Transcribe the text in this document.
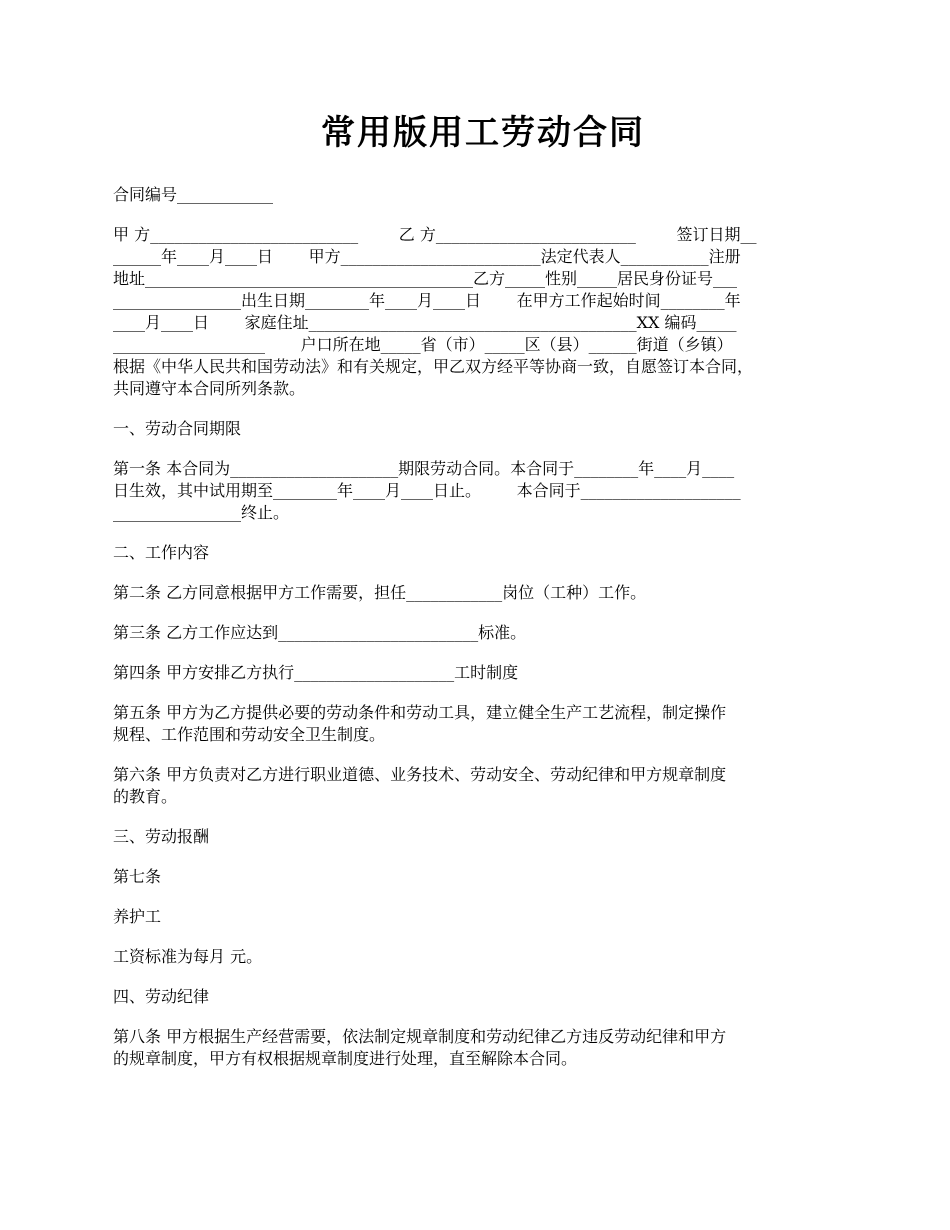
常用版用工劳动合同

合同编号____________

甲 方__________________________        乙 方_________________________        签订日期__
______年____月____日       甲方_________________________法定代表人___________注册
地址_________________________________________乙方_____性别_____居民身份证号___
________________出生日期________年____月____日       在甲方工作起始时间________年
____月____日       家庭住址_________________________________________XX 编码_____
___________________       户口所在地_____省（市）_____区（县）______街道（乡镇）
根据《中华人民共和国劳动法》和有关规定，甲乙双方经平等协商一致，自愿签订本合同，
共同遵守本合同所列条款。

一、劳动合同期限

第一条 本合同为_____________________期限劳动合同。本合同于________年____月____
日生效，其中试用期至________年____月____日止。       本合同于____________________
________________终止。

二、工作内容

第二条 乙方同意根据甲方工作需要，担任____________岗位（工种）工作。

第三条 乙方工作应达到_________________________标准。

第四条 甲方安排乙方执行____________________工时制度

第五条 甲方为乙方提供必要的劳动条件和劳动工具，建立健全生产工艺流程，制定操作
规程、工作范围和劳动安全卫生制度。
第六条 甲方负责对乙方进行职业道德、业务技术、劳动安全、劳动纪律和甲方规章制度
的教育。

三、劳动报酬

第七条

养护工

工资标准为每月 元。

四、劳动纪律

第八条 甲方根据生产经营需要，依法制定规章制度和劳动纪律乙方违反劳动纪律和甲方
的规章制度，甲方有权根据规章制度进行处理，直至解除本合同。
